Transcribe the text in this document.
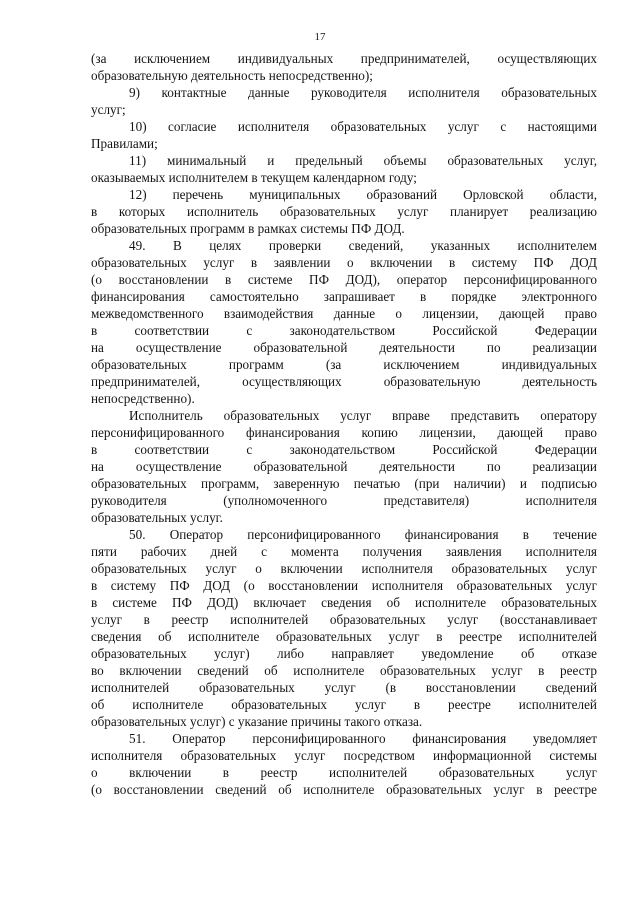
17
(за исключением индивидуальных предпринимателей, осуществляющих
образовательную деятельность непосредственно);
9) контактные данные руководителя исполнителя образовательных
услуг;
10) согласие исполнителя образовательных услуг с настоящими
Правилами;
11) минимальный и предельный объемы образовательных услуг,
оказываемых исполнителем в текущем календарном году;
12) перечень муниципальных образований Орловской области,
в которых исполнитель образовательных услуг планирует реализацию
образовательных программ в рамках системы ПФ ДОД.
49. В целях проверки сведений, указанных исполнителем
образовательных услуг в заявлении о включении в систему ПФ ДОД
(о восстановлении в системе ПФ ДОД), оператор персонифицированного
финансирования самостоятельно запрашивает в порядке электронного
межведомственного взаимодействия данные о лицензии, дающей право
в соответствии с законодательством Российской Федерации
на осуществление образовательной деятельности по реализации
образовательных программ (за исключением индивидуальных
предпринимателей, осуществляющих образовательную деятельность
непосредственно).
Исполнитель образовательных услуг вправе представить оператору
персонифицированного финансирования копию лицензии, дающей право
в соответствии с законодательством Российской Федерации
на осуществление образовательной деятельности по реализации
образовательных программ, заверенную печатью (при наличии) и подписью
руководителя (уполномоченного представителя) исполнителя
образовательных услуг.
50. Оператор персонифицированного финансирования в течение
пяти рабочих дней с момента получения заявления исполнителя
образовательных услуг о включении исполнителя образовательных услуг
в систему ПФ ДОД (о восстановлении исполнителя образовательных услуг
в системе ПФ ДОД) включает сведения об исполнителе образовательных
услуг в реестр исполнителей образовательных услуг (восстанавливает
сведения об исполнителе образовательных услуг в реестре исполнителей
образовательных услуг) либо направляет уведомление об отказе
во включении сведений об исполнителе образовательных услуг в реестр
исполнителей образовательных услуг (в восстановлении сведений
об исполнителе образовательных услуг в реестре исполнителей
образовательных услуг) с указание причины такого отказа.
51. Оператор персонифицированного финансирования уведомляет
исполнителя образовательных услуг посредством информационной системы
о включении в реестр исполнителей образовательных услуг
(о восстановлении сведений об исполнителе образовательных услуг в реестре
